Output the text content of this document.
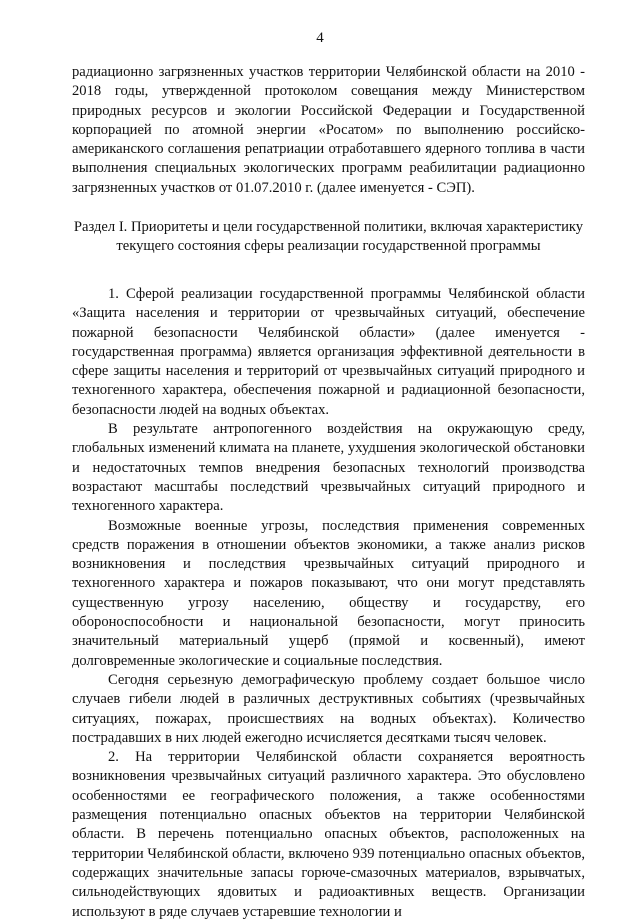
4

радиационно загрязненных участков территории Челябинской области на 2010 - 2018 годы, утвержденной протоколом совещания между Министерством природных ресурсов и экологии Российской Федерации и Государственной корпорацией по атомной энергии «Росатом» по выполнению российско-американского соглашения репатриации отработавшего ядерного топлива в части выполнения специальных экологических программ реабилитации радиационно загрязненных участков от 01.07.2010 г. (далее именуется - СЭП).

Раздел I. Приоритеты и цели государственной политики, включая характеристику текущего состояния сферы реализации государственной программы

1. Сферой реализации государственной программы Челябинской области «Защита населения и территории от чрезвычайных ситуаций, обеспечение пожарной безопасности Челябинской области» (далее именуется - государственная программа) является организация эффективной деятельности в сфере защиты населения и территорий от чрезвычайных ситуаций природного и техногенного характера, обеспечения пожарной и радиационной безопасности, безопасности людей на водных объектах.

В результате антропогенного воздействия на окружающую среду, глобальных изменений климата на планете, ухудшения экологической обстановки и недостаточных темпов внедрения безопасных технологий производства возрастают масштабы последствий чрезвычайных ситуаций природного и техногенного характера.

Возможные военные угрозы, последствия применения современных средств поражения в отношении объектов экономики, а также анализ рисков возникновения и последствия чрезвычайных ситуаций природного и техногенного характера и пожаров показывают, что они могут представлять существенную угрозу населению, обществу и государству, его обороноспособности и национальной безопасности, могут приносить значительный материальный ущерб (прямой и косвенный), имеют долговременные экологические и социальные последствия.

Сегодня серьезную демографическую проблему создает большое число случаев гибели людей в различных деструктивных событиях (чрезвычайных ситуациях, пожарах, происшествиях на водных объектах). Количество пострадавших в них людей ежегодно исчисляется десятками тысяч человек.

2. На территории Челябинской области сохраняется вероятность возникновения чрезвычайных ситуаций различного характера. Это обусловлено особенностями ее географического положения, а также особенностями размещения потенциально опасных объектов на территории Челябинской области. В перечень потенциально опасных объектов, расположенных на территории Челябинской области, включено 939 потенциально опасных объектов, содержащих значительные запасы горюче-смазочных материалов, взрывчатых, сильнодействующих ядовитых и радиоактивных веществ. Организации используют в ряде случаев устаревшие технологии и
